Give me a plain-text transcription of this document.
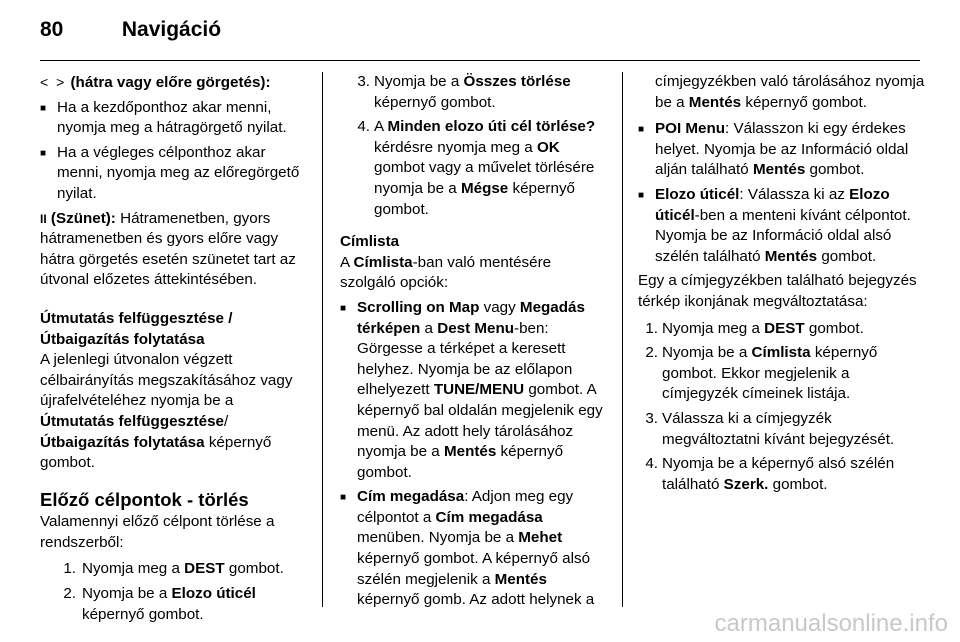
80	Navigáció

< > (hátra vagy előre görgetés):

■ Ha a kezdőponthoz akar menni, nyomja meg a hátragörgető nyilat.
■ Ha a végleges célponthoz akar menni, nyomja meg az előregörgető nyilat.

II (Szünet): Hátramenetben, gyors hátramenetben és gyors előre vagy hátra görgetés esetén szünetet tart az útvonal előzetes áttekintésében.

Útmutatás felfüggesztése /

Útbaigazítás folytatása

A jelenlegi útvonalon végzett célbairányítás megszakításához vagy újrafelvételéhez nyomja be a Útmutatás felfüggesztése/ Útbaigazítás folytatása képernyő gombot.

Előző célpontok - törlés

Valamennyi előző célpont törlése a rendszerből:

1. Nyomja meg a DEST gombot.
2. Nyomja be a Elozo úticél képernyő gombot.
3. Nyomja be a Összes törlése képernyő gombot.
4. A Minden elozo úti cél törlése? kérdésre nyomja meg a OK gombot vagy a művelet törlésére nyomja be a Mégse képernyő gombot.

Címlista

A Címlista-ban való mentésére szolgáló opciók:

■ Scrolling on Map vagy Megadás térképen a Dest Menu-ben: Görgesse a térképet a keresett helyhez. Nyomja be az előlapon elhelyezett TUNE/MENU gombot. A képernyő bal oldalán megjelenik egy menü. Az adott hely tárolásához nyomja be a Mentés képernyő gombot.
■ Cím megadása: Adjon meg egy célpontot a Cím megadása menüben. Nyomja be a Mehet képernyő gombot. A képernyő alsó szélén megjelenik a Mentés képernyő gomb. Az adott helynek a

címjegyzékben való tárolásához nyomja be a Mentés képernyő gombot.

■ POI Menu: Válasszon ki egy érdekes helyet. Nyomja be az Információ oldal alján található Mentés gombot.
■ Elozo úticél: Válassza ki az Elozo úticél-ben a menteni kívánt célpontot. Nyomja be az Információ oldal alsó szélén található Mentés gombot.

Egy a címjegyzékben található bejegyzés térkép ikonjának megváltoztatása:

1. Nyomja meg a DEST gombot.
2. Nyomja be a Címlista képernyő gombot. Ekkor megjelenik a címjegyzék címeinek listája.
3. Válassza ki a címjegyzék megváltoztatni kívánt bejegyzését.
4. Nyomja be a képernyő alsó szélén található Szerk. gombot.
carmanualsonline.info
